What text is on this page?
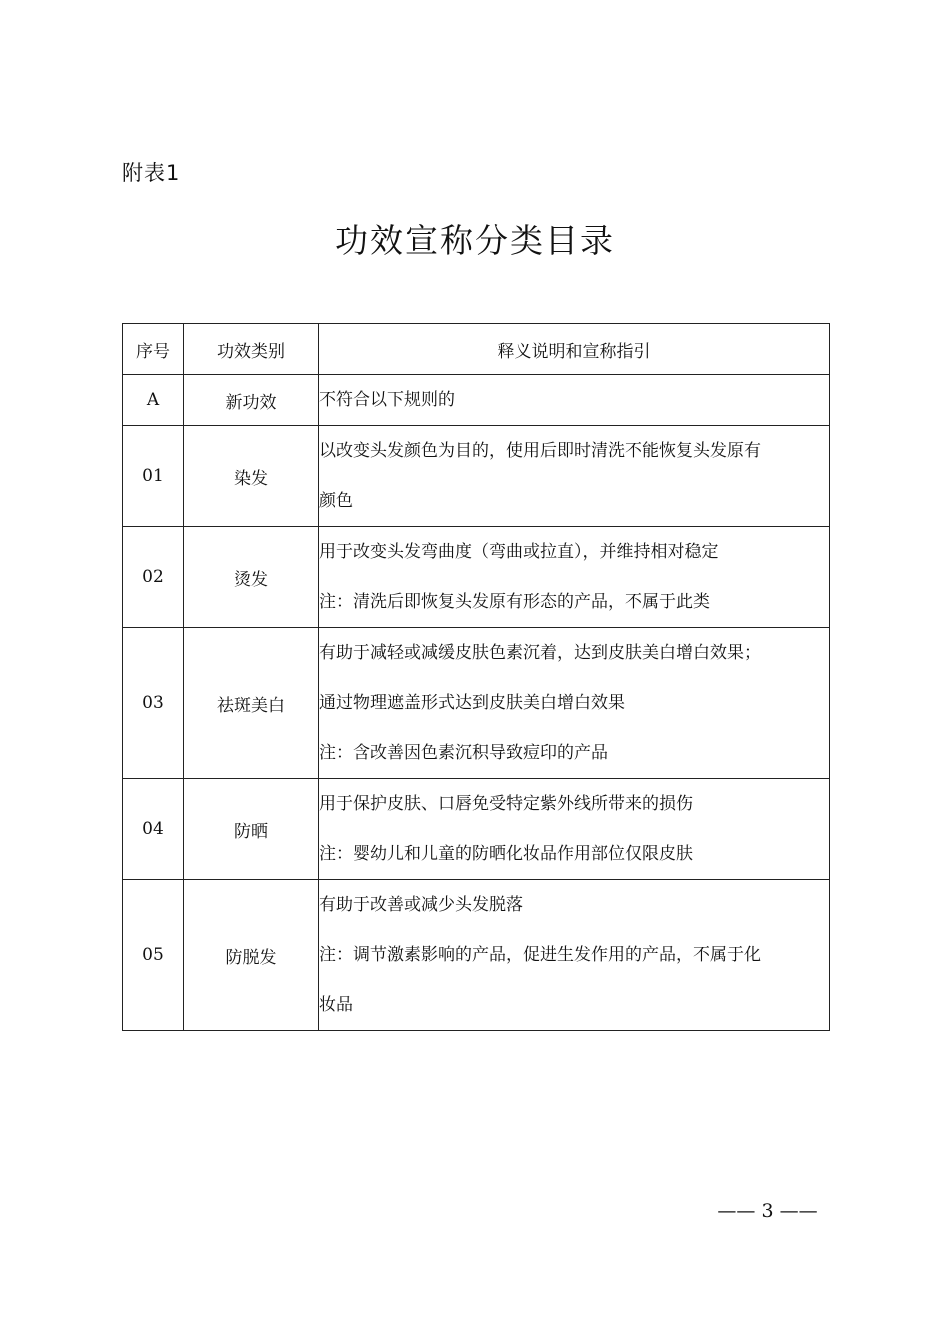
附表1
功效宣称分类目录
序号	功效类别	释义说明和宣称指引
A	新功效	不符合以下规则的

01	染发	以改变头发颜色为目的，使用后即时清洗不能恢复头发原有
颜色

02	烫发	用于改变头发弯曲度（弯曲或拉直），并维持相对稳定
注：清洗后即恢复头发原有形态的产品，不属于此类

03	祛斑美白	有助于减轻或减缓皮肤色素沉着，达到皮肤美白增白效果；
通过物理遮盖形式达到皮肤美白增白效果
注：含改善因色素沉积导致痘印的产品

04	防晒	用于保护皮肤、口唇免受特定紫外线所带来的损伤
注：婴幼儿和儿童的防晒化妆品作用部位仅限皮肤

05	防脱发	有助于改善或减少头发脱落
注：调节激素影响的产品，促进生发作用的产品，不属于化
妆品
—— 3 ——
